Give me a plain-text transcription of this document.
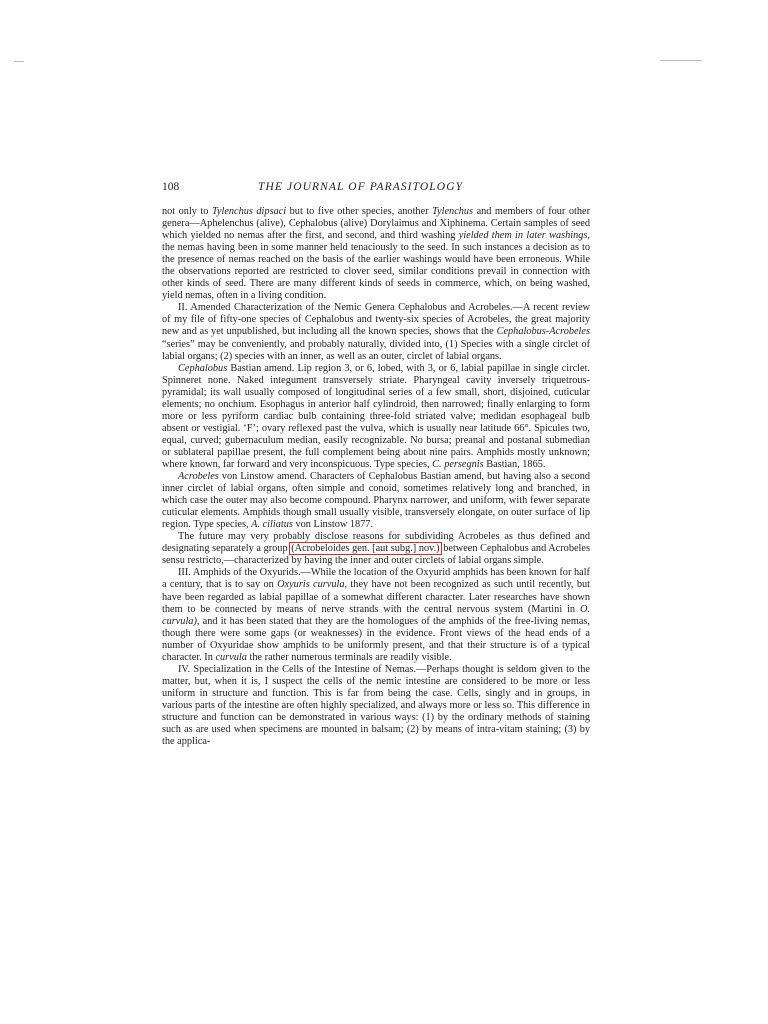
108	THE JOURNAL OF PARASITOLOGY

not only to Tylenchus dipsaci but to five other species, another Tylenchus and members of four other genera—Aphelenchus (alive), Cephalobus (alive) Dorylaimus and Xiphinema. Certain samples of seed which yielded no nemas after the first, and second, and third washing yielded them in later washings, the nemas having been in some manner held tenaciously to the seed. In such instances a decision as to the presence of nemas reached on the basis of the earlier washings would have been erroneous. While the observations reported are restricted to clover seed, similar conditions prevail in connection with other kinds of seed. There are many different kinds of seeds in commerce, which, on being washed, yield nemas, often in a living condition.

II. Amended Characterization of the Nemic Genera Cephalobus and Acrobeles.—A recent review of my file of fifty-one species of Cephalobus and twenty-six species of Acrobeles, the great majority new and as yet unpublished, but including all the known species, shows that the Cephalobus-Acrobeles “series” may be conveniently, and probably naturally, divided into, (1) Species with a single circlet of labial organs; (2) species with an inner, as well as an outer, circlet of labial organs.

Cephalobus Bastian amend. Lip region 3, or 6, lobed, with 3, or 6, labial papillae in single circlet. Spinneret none. Naked integument transversely striate. Pharyngeal cavity inversely triquetrous-pyramidal; its wall usually composed of longitudinal series of a few small, short, disjoined, cuticular elements; no onchium. Esophagus in anterior half cylindroid, then narrowed; finally enlarging to form more or less pyriform cardiac bulb containing three-fold striated valve; medidan esophageal bulb absent or vestigial. ‘F’; ovary reflexed past the vulva, which is usually near latitude 66°. Spicules two, equal, curved; gubernaculum median, easily recognizable. No bursa; preanal and postanal submedian or sublateral papillae present, the full complement being about nine pairs. Amphids mostly unknown; where known, far forward and very inconspicuous. Type species, C. persegnis Bastian, 1865.

Acrobeles von Linstow amend. Characters of Cephalobus Bastian amend, but having also a second inner circlet of labial organs, often simple and conoid, sometimes relatively long and branched, in which case the outer may also become compound. Pharynx narrower, and uniform, with fewer separate cuticular elements. Amphids though small usually visible, transversely elongate, on outer surface of lip region. Type species, A. ciliatus von Linstow 1877.

The future may very probably disclose reasons for subdividing Acrobeles as thus defined and designating separately a group (Acrobeloides gen. [aut subg.] nov.) between Cephalobus and Acrobeles sensu restricto,—characterized by having the inner and outer circlets of labial organs simple.

III. Amphids of the Oxyurids.—While the location of the Oxyurid amphids has been known for half a century, that is to say on Oxyuris curvula, they have not been recognized as such until recently, but have been regarded as labial papillae of a somewhat different character. Later researches have shown them to be connected by means of nerve strands with the central nervous system (Martini in O. curvula), and it has been stated that they are the homologues of the amphids of the free-living nemas, though there were some gaps (or weaknesses) in the evidence. Front views of the head ends of a number of Oxyuridae show amphids to be uniformly present, and that their structure is of a typical character. In curvula the rather numerous terminals are readily visible.

IV. Specialization in the Cells of the Intestine of Nemas.—Perhaps thought is seldom given to the matter, but, when it is, I suspect the cells of the nemic intestine are considered to be more or less uniform in structure and function. This is far from being the case. Cells, singly and in groups, in various parts of the intestine are often highly specialized, and always more or less so. This difference in structure and function can be demonstrated in various ways: (1) by the ordinary methods of staining such as are used when specimens are mounted in balsam; (2) by means of intra-vitam staining; (3) by the applica-
